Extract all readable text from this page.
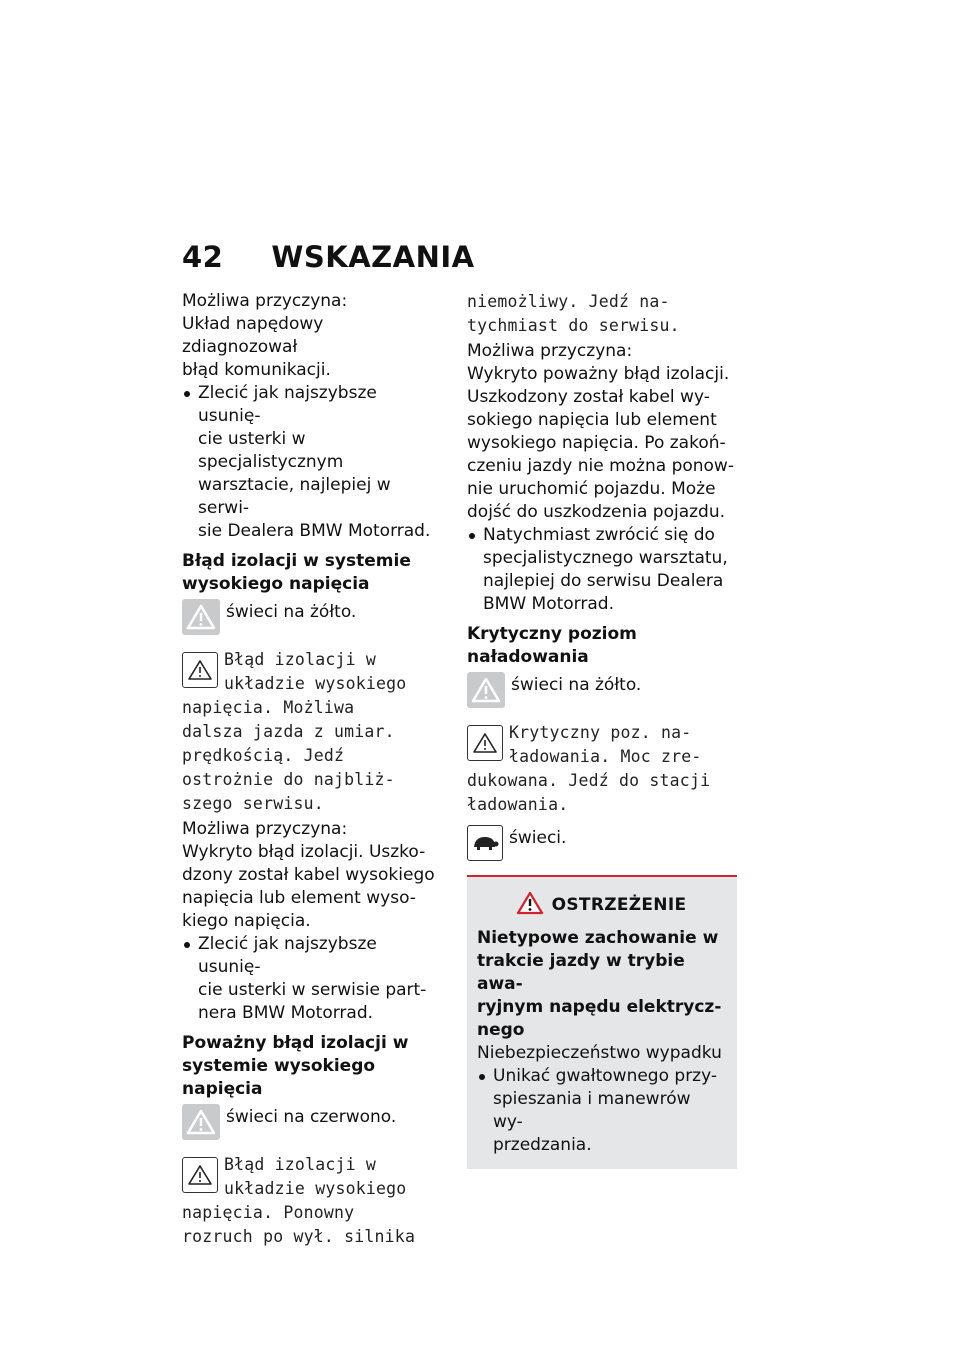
42 WSKAZANIA

Możliwa przyczyna:

Układ napędowy zdiagnozował

błąd komunikacji.

Zlecić jak najszybsze usunię-

cie usterki w specjalistycznym

warsztacie, najlepiej w serwi-

sie Dealera BMW Motorrad.

Błąd izolacji w systemie
wysokiego napięcia

świeci na żółto.

Błąd izolacji w
układzie wysokiego
napięcia. Możliwa
dalsza jazda z umiar.
prędkością. Jedź
ostrożnie do najbliż-
szego serwisu.

Możliwa przyczyna:

Wykryto błąd izolacji. Uszko-

dzony został kabel wysokiego

napięcia lub element wyso-

kiego napięcia.

Zlecić jak najszybsze usunię-

cie usterki w serwisie part-

nera BMW Motorrad.

Poważny błąd izolacji w
systemie wysokiego napięcia

świeci na czerwono.

Błąd izolacji w
układzie wysokiego
napięcia. Ponowny
rozruch po wył. silnika
niemożliwy. Jedź na-
tychmiast do serwisu.

Możliwa przyczyna:

Wykryto poważny błąd izolacji.

Uszkodzony został kabel wy-

sokiego napięcia lub element

wysokiego napięcia. Po zakoń-

czeniu jazdy nie można ponow-

nie uruchomić pojazdu. Może

dojść do uszkodzenia pojazdu.

Natychmiast zwrócić się do

specjalistycznego warsztatu,

najlepiej do serwisu Dealera

BMW Motorrad.

Krytyczny poziom
naładowania

świeci na żółto.

Krytyczny poz. na-
ładowania. Moc zre-
dukowana. Jedź do stacji
ładowania.

świeci.

OSTRZEŻENIE
Nietypowe zachowanie w
trakcie jazdy w trybie awa-
ryjnym napędu elektrycz-
nego

Niebezpieczeństwo wypadku

Unikać gwałtownego przy-

spieszania i manewrów wy-

przedzania.
